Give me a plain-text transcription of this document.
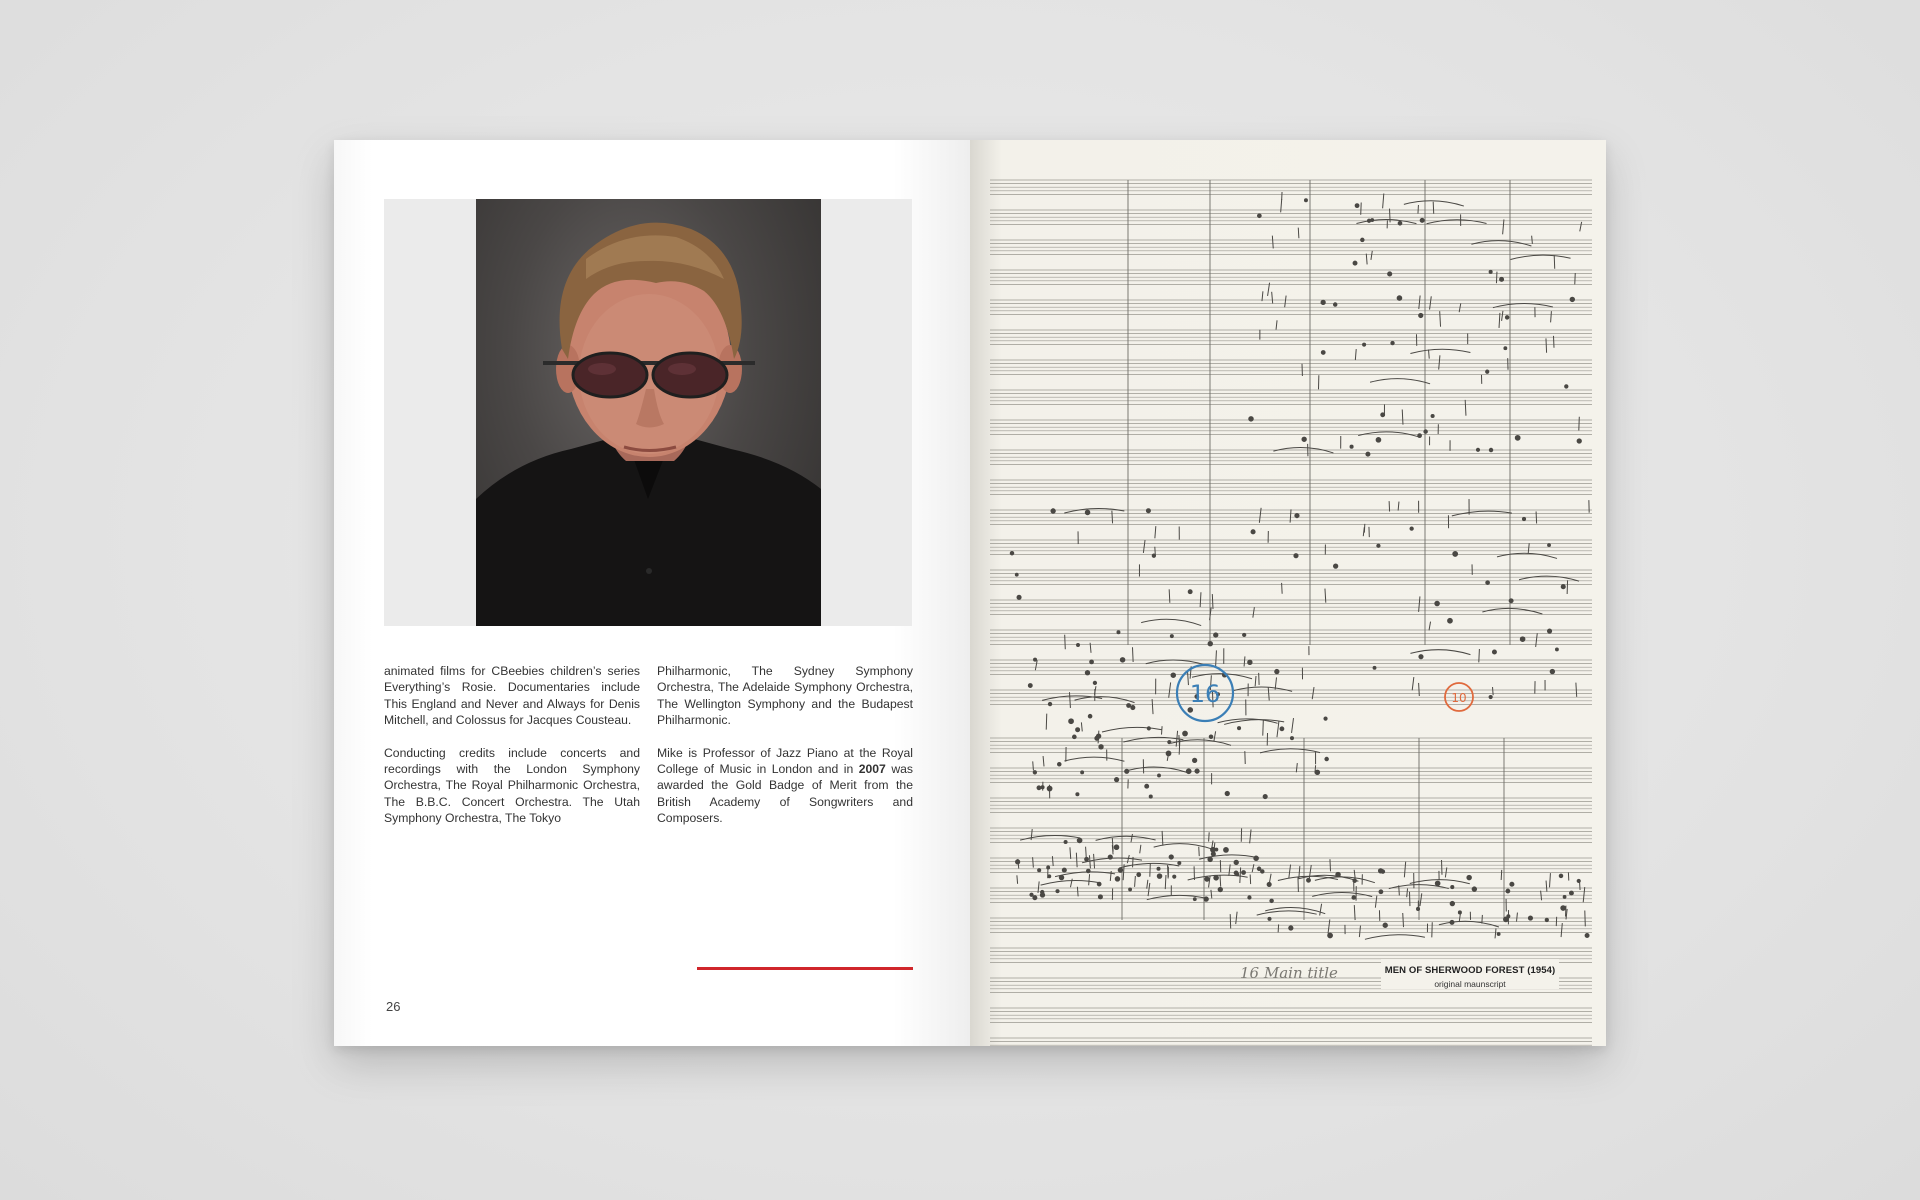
animated films for CBeebies children’s series Everything’s Rosie. Documentaries include This England and Never and Always for Denis Mitchell, and Colossus for Jacques Cousteau.

Conducting credits include concerts and recordings with the London Symphony Orchestra, The Royal Philharmonic Orchestra, The B.B.C. Concert Orchestra. The Utah Symphony Orchestra, The Tokyo

Philharmonic, The Sydney Symphony Orchestra, The Adelaide Symphony Orchestra, The Wellington Symphony and the Budapest Philharmonic.

Mike is Professor of Jazz Piano at the Royal College of Music in London and in 2007 was awarded the Gold Badge of Merit from the British Academy of Songwriters and Composers.

26
16	10
16 Main title	MEN OF SHERWOOD FOREST (1954)
original maunscript
